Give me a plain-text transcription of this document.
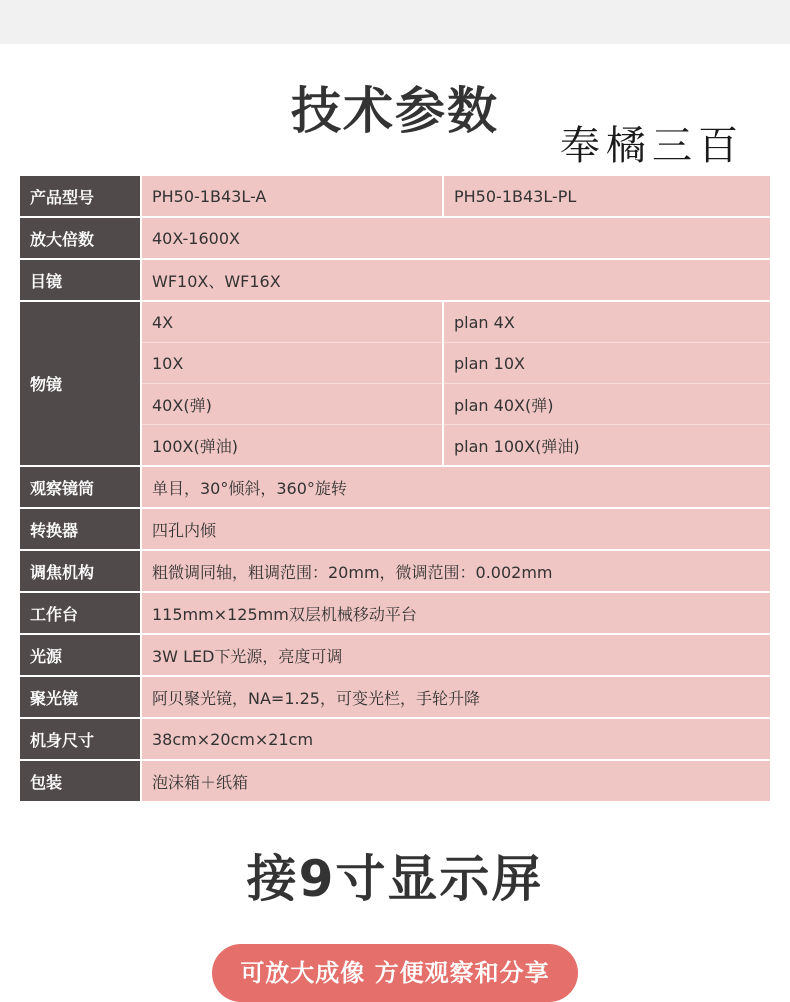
技术参数
奉橘三百
产品型号	PH50-1B43L-A	PH50-1B43L-PL
放大倍数	40X-1600X	
目镜	WF10X、WF16X	
物镜	4X	plan 4X
	10X	plan 10X
	40X(弹)	plan 40X(弹)
	100X(弹油)	plan 100X(弹油)
观察镜筒	单目，30°倾斜，360°旋转	
转换器	四孔内倾	
调焦机构	粗微调同轴，粗调范围：20mm，微调范围：0.002mm	
工作台	115mm×125mm双层机械移动平台	
光源	3W LED下光源，亮度可调	
聚光镜	阿贝聚光镜，NA=1.25，可变光栏，手轮升降	
机身尺寸	38cm×20cm×21cm	
包装	泡沫箱＋纸箱	
接9寸显示屏
可放大成像 方便观察和分享
